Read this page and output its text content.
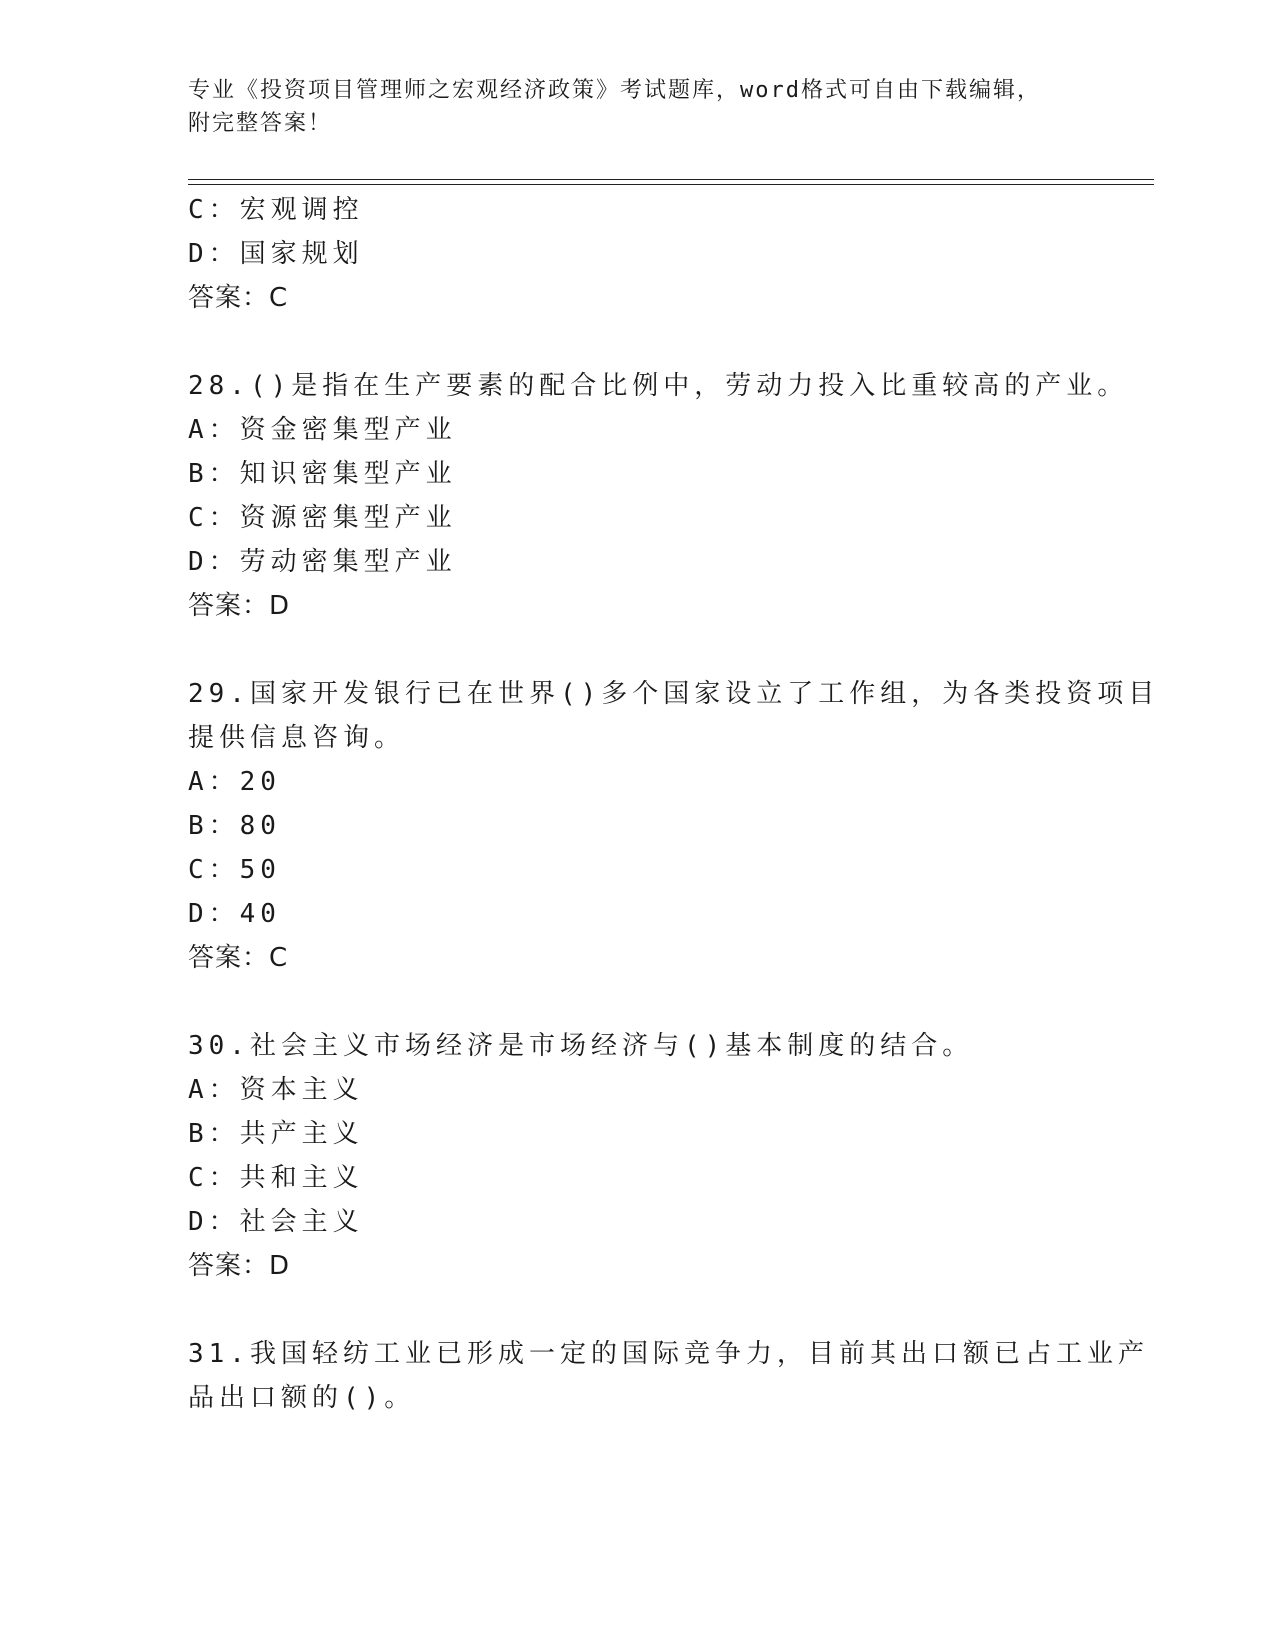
专业《投资项目管理师之宏观经济政策》考试题库，word格式可自由下载编辑，
附完整答案！
C：宏观调控
D：国家规划
答案：C
28.()是指在生产要素的配合比例中，劳动力投入比重较高的产业。
A：资金密集型产业
B：知识密集型产业
C：资源密集型产业
D：劳动密集型产业
答案：D
29.国家开发银行已在世界()多个国家设立了工作组，为各类投资项目
提供信息咨询。
A：20
B：80
C：50
D：40
答案：C
30.社会主义市场经济是市场经济与()基本制度的结合。
A：资本主义
B：共产主义
C：共和主义
D：社会主义
答案：D
31.我国轻纺工业已形成一定的国际竞争力，目前其出口额已占工业产
品出口额的()。
